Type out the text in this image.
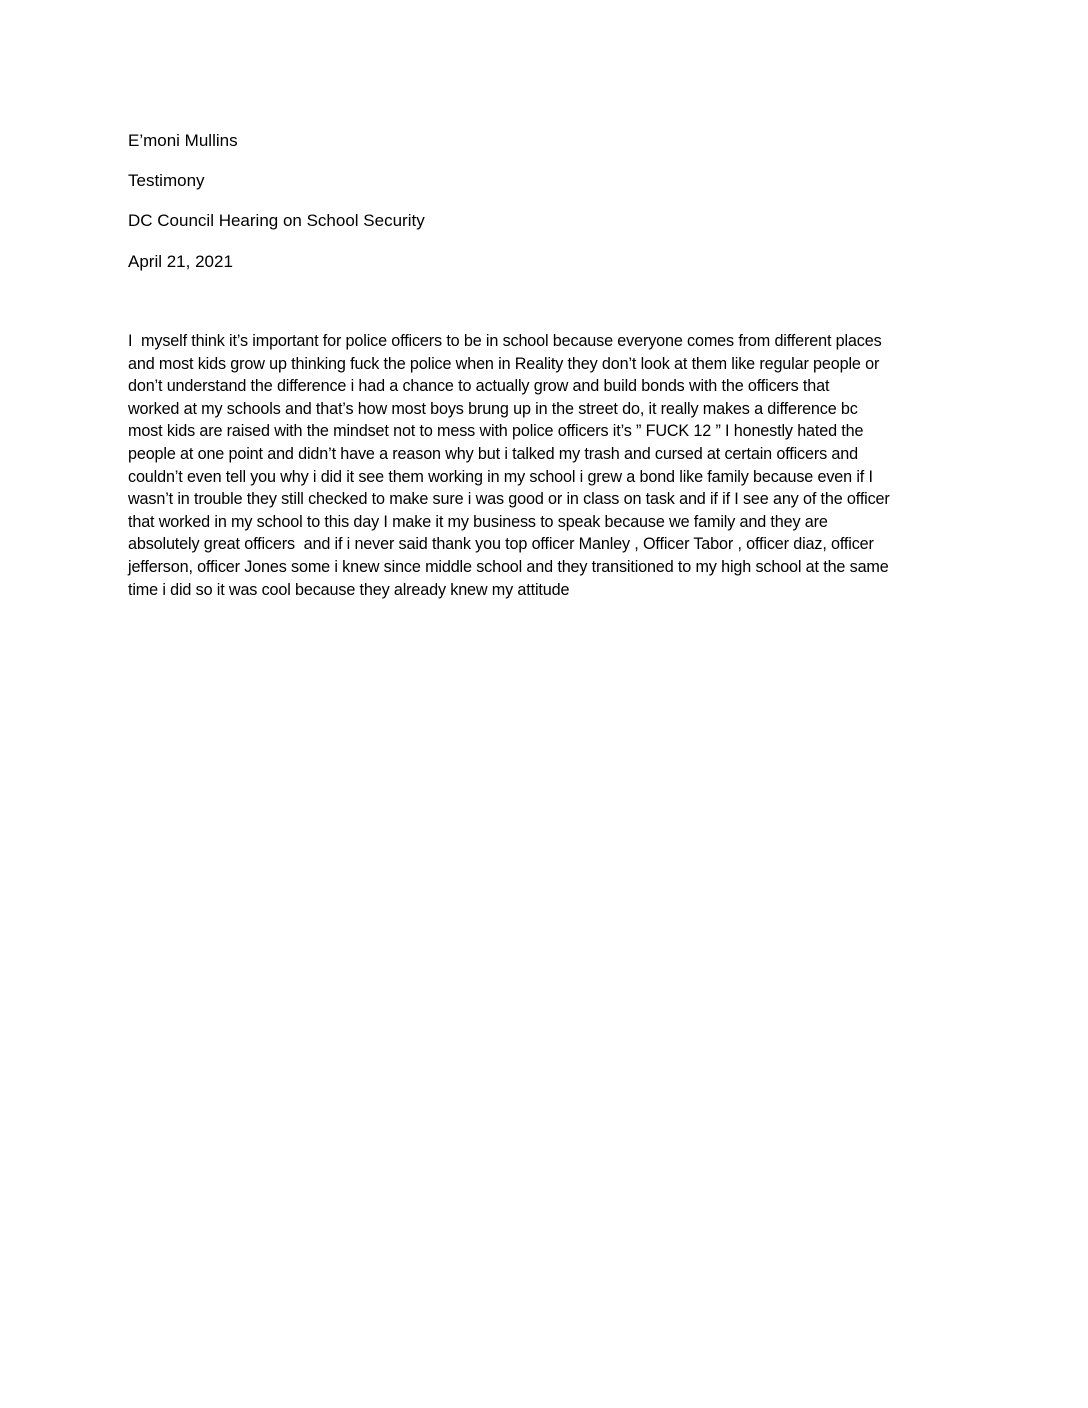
E’moni Mullins
Testimony
DC Council Hearing on School Security
April 21, 2021
I  myself think it’s important for police officers to be in school because everyone comes from different places
and most kids grow up thinking fuck the police when in Reality they don’t look at them like regular people or
don’t understand the difference i had a chance to actually grow and build bonds with the officers that
worked at my schools and that’s how most boys brung up in the street do, it really makes a difference bc
most kids are raised with the mindset not to mess with police officers it’s ” FUCK 12 ” I honestly hated the
people at one point and didn’t have a reason why but i talked my trash and cursed at certain officers and
couldn’t even tell you why i did it see them working in my school i grew a bond like family because even if I
wasn’t in trouble they still checked to make sure i was good or in class on task and if if I see any of the officer
that worked in my school to this day I make it my business to speak because we family and they are
absolutely great officers  and if i never said thank you top officer Manley , Officer Tabor , officer diaz, officer
jefferson, officer Jones some i knew since middle school and they transitioned to my high school at the same
time i did so it was cool because they already knew my attitude
